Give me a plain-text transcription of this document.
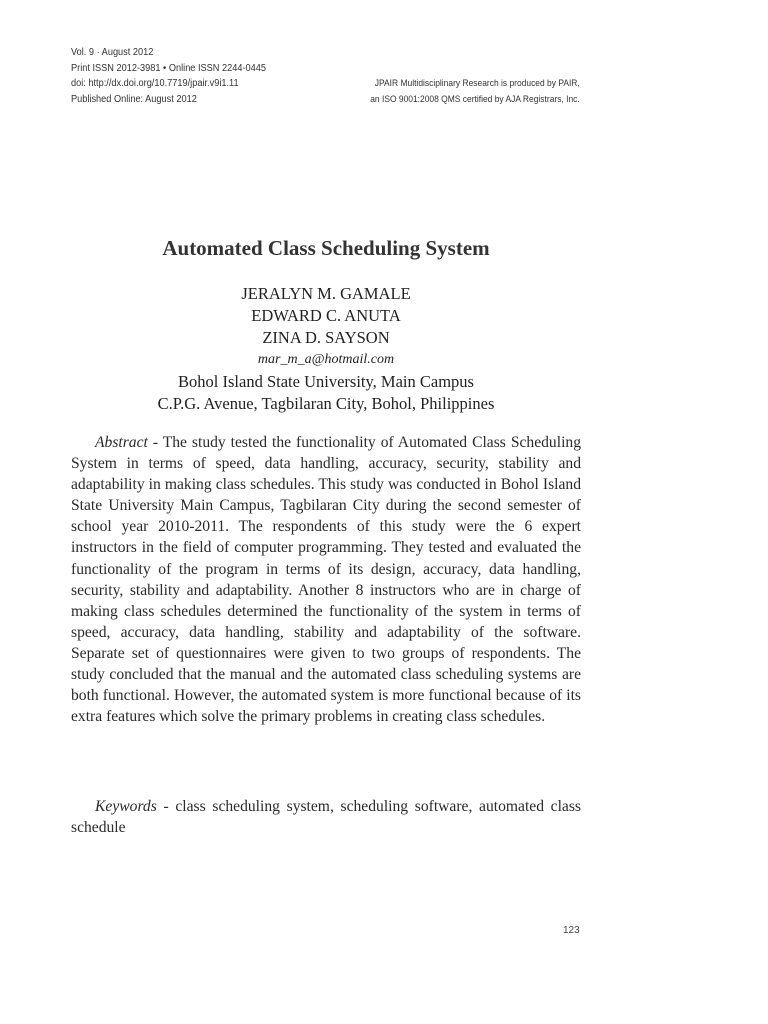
Vol. 9 · August 2012
Print ISSN 2012-3981 • Online ISSN 2244-0445
doi: http://dx.doi.org/10.7719/jpair.v9i1.11
Published Online: August 2012
JPAIR Multidisciplinary Research is produced by PAIR,
an ISO 9001:2008 QMS certified by AJA Registrars, Inc.
Automated Class Scheduling System
JERALYN M. GAMALE
EDWARD C. ANUTA
ZINA D. SAYSON
mar_m_a@hotmail.com
Bohol Island State University, Main Campus
C.P.G. Avenue, Tagbilaran City, Bohol, Philippines

Abstract - The study tested the functionality of Automated Class Scheduling System in terms of speed, data handling, accuracy, security, stability and adaptability in making class schedules. This study was conducted in Bohol Island State University Main Campus, Tagbilaran City during the second semester of school year 2010-2011. The respondents of this study were the 6 expert instructors in the field of computer programming. They tested and evaluated the functionality of the program in terms of its design, accuracy, data handling, security, stability and adaptability. Another 8 instructors who are in charge of making class schedules determined the functionality of the system in terms of speed, accuracy, data handling, stability and adaptability of the software. Separate set of questionnaires were given to two groups of respondents. The study concluded that the manual and the automated class scheduling systems are both functional. However, the automated system is more functional because of its extra features which solve the primary problems in creating class schedules.

Keywords - class scheduling system, scheduling software, automated class schedule

123
